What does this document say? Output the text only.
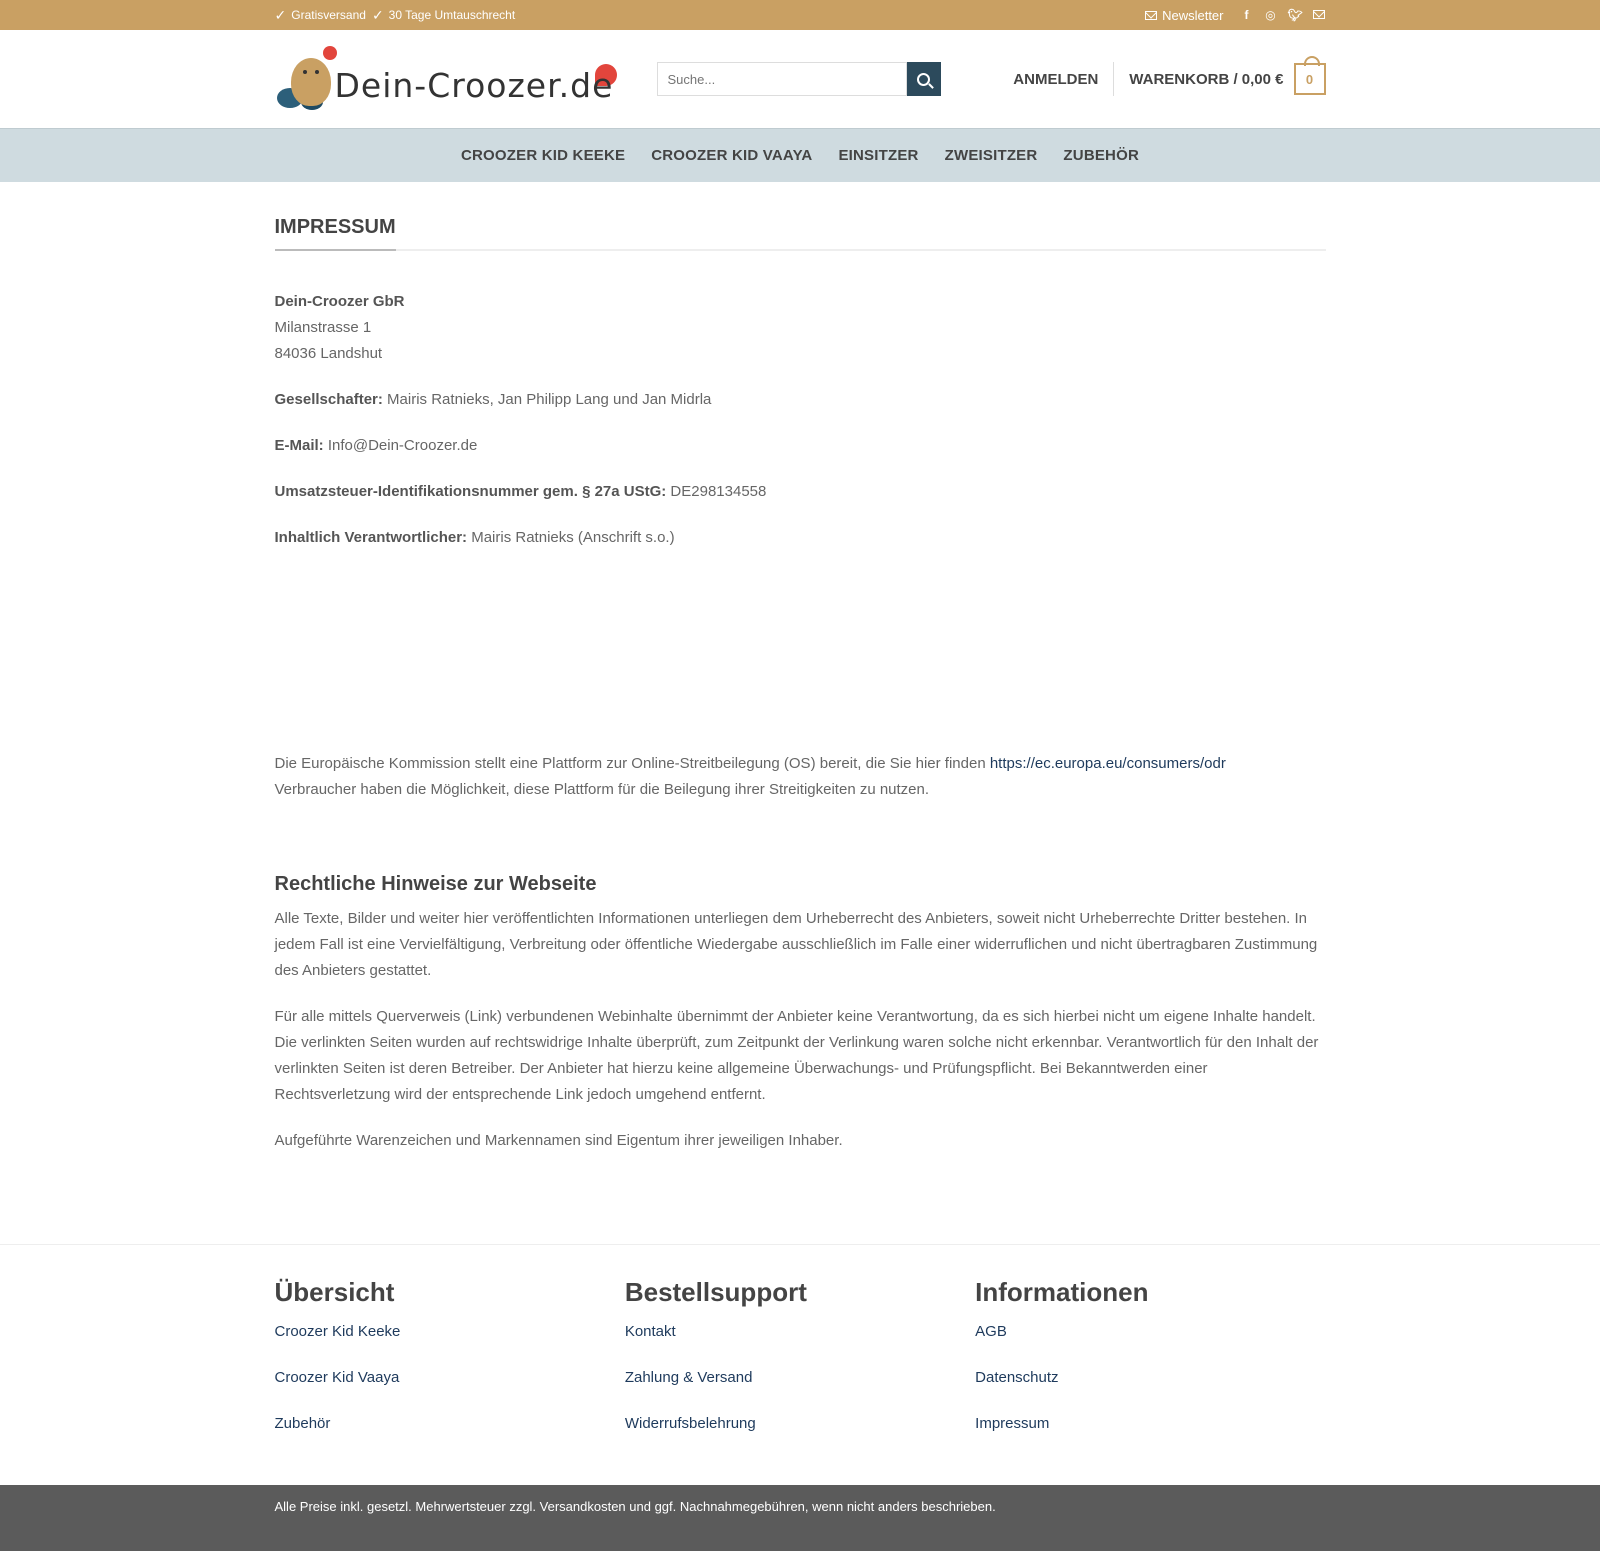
✓ Gratisversand ✓ 30 Tage Umtauschrecht	Newsletter	f	◎ 🐦︎
Dein-Croozer.de
Suche...	ANMELDEN	WARENKORB / 0,00 €	0
CROOZER KID KEEKE CROOZER KID VAAYA EINSITZER ZWEISITZER ZUBEHÖR
IMPRESSUM
Dein-Croozer GbR
Milanstrasse 1
84036 Landshut

Gesellschafter: Mairis Ratnieks, Jan Philipp Lang und Jan Midrla

E-Mail: Info@Dein-Croozer.de

Umsatzsteuer-Identifikationsnummer gem. § 27a UStG: DE298134558

Inhaltlich Verantwortlicher: Mairis Ratnieks (Anschrift s.o.)

Die Europäische Kommission stellt eine Plattform zur Online-Streitbeilegung (OS) bereit, die Sie hier finden https://ec.europa.eu/consumers/odr
Verbraucher haben die Möglichkeit, diese Plattform für die Beilegung ihrer Streitigkeiten zu nutzen.

Rechtliche Hinweise zur Webseite

Alle Texte, Bilder und weiter hier veröffentlichten Informationen unterliegen dem Urheberrecht des Anbieters, soweit nicht Urheberrechte Dritter bestehen. In jedem Fall ist eine Vervielfältigung, Verbreitung oder öffentliche Wiedergabe ausschließlich im Falle einer widerruflichen und nicht übertragbaren Zustimmung des Anbieters gestattet.

Für alle mittels Querverweis (Link) verbundenen Webinhalte übernimmt der Anbieter keine Verantwortung, da es sich hierbei nicht um eigene Inhalte handelt. Die verlinkten Seiten wurden auf rechtswidrige Inhalte überprüft, zum Zeitpunkt der Verlinkung waren solche nicht erkennbar. Verantwortlich für den Inhalt der verlinkten Seiten ist deren Betreiber. Der Anbieter hat hierzu keine allgemeine Überwachungs- und Prüfungspflicht. Bei Bekanntwerden einer Rechtsverletzung wird der entsprechende Link jedoch umgehend entfernt.

Aufgeführte Warenzeichen und Markennamen sind Eigentum ihrer jeweiligen Inhaber.

Übersicht
Croozer Kid Keeke
Croozer Kid Vaaya
Zubehör
Bestellsupport
Kontakt
Zahlung & Versand
Widerrufsbelehrung
Informationen
AGB
Datenschutz
Impressum
Alle Preise inkl. gesetzl. Mehrwertsteuer zzgl. Versandkosten und ggf. Nachnahmegebühren, wenn nicht anders beschrieben.
